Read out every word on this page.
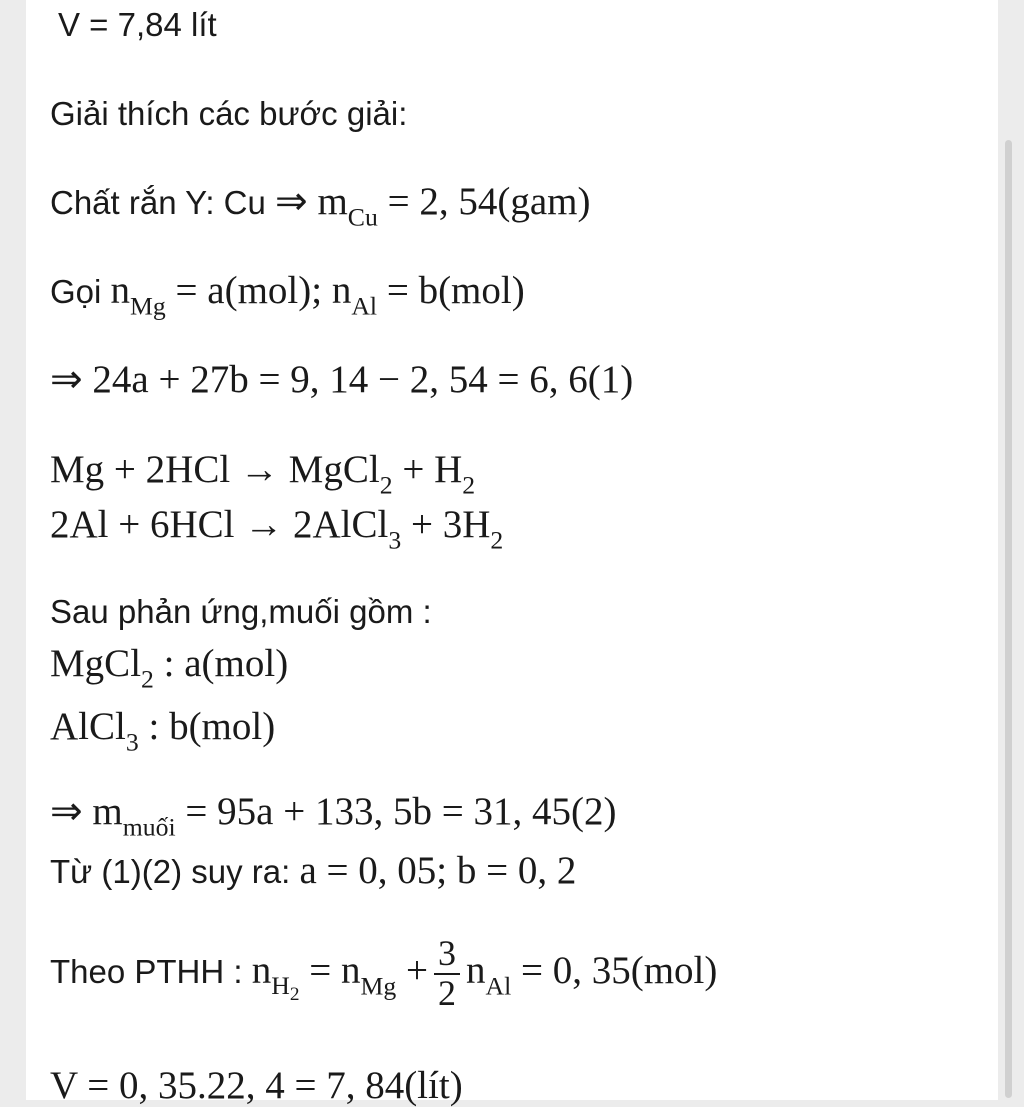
V = 7,84 lít
Giải thích các bước giải:
Chất rắn Y: Cu ⇒ $m_{Cu} = 2$, 54(gam)
Gọi $n_{Mg} = a(mol)$; $n_{Al} = b(mol)$
⇒ 24a + 27b = 9, 14 − 2, 54 = 6, 6(1)
Mg + 2HCl → MgCl$_2$ + $H_2$
2Al + 6HCl → 2AlCl$_3$ + $3H_2$
Sau phản ứng,muối gồm :
MgCl$_2$ : a(mol)
AlCl$_3$ : b(mol)
⇒ $m_{muối} = 95a + 133$, 5b = 31, 45(2)
Từ (1)(2) suy ra: a = 0, 05; b = 0, 2
Theo PTHH : $n_{H_2} = n_{Mg} + \frac{3}{2} n_{Al} = 0$, 35(mol)
V = 0, 35.22, 4 = 7, 84(lít)
